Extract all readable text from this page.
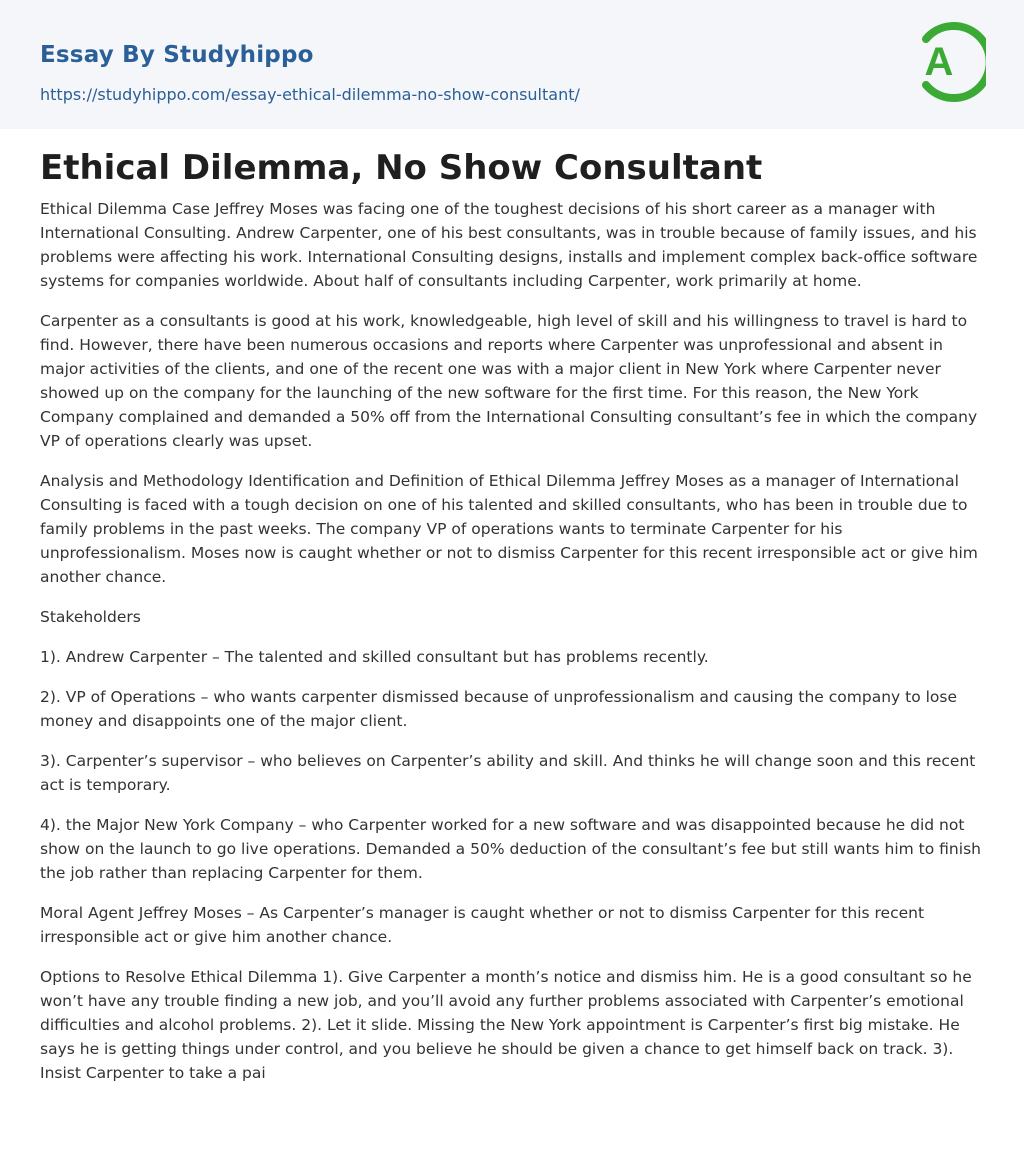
Essay By Studyhippo
https://studyhippo.com/essay-ethical-dilemma-no-show-consultant/
A
Ethical Dilemma, No Show Consultant

Ethical Dilemma Case Jeffrey Moses was facing one of the toughest decisions of his short career as a manager with International Consulting. Andrew Carpenter, one of his best consultants, was in trouble because of family issues, and his problems were affecting his work. International Consulting designs, installs and implement complex back-office software systems for companies worldwide. About half of consultants including Carpenter, work primarily at home.

Carpenter as a consultants is good at his work, knowledgeable, high level of skill and his willingness to travel is hard to find. However, there have been numerous occasions and reports where Carpenter was unprofessional and absent in major activities of the clients, and one of the recent one was with a major client in New York where Carpenter never showed up on the company for the launching of the new software for the first time. For this reason, the New York Company complained and demanded a 50% off from the International Consulting consultant’s fee in which the company VP of operations clearly was upset.

Analysis and Methodology Identification and Definition of Ethical Dilemma Jeffrey Moses as a manager of International Consulting is faced with a tough decision on one of his talented and skilled consultants, who has been in trouble due to family problems in the past weeks. The company VP of operations wants to terminate Carpenter for his unprofessionalism. Moses now is caught whether or not to dismiss Carpenter for this recent irresponsible act or give him another chance.

Stakeholders

1). Andrew Carpenter – The talented and skilled consultant but has problems recently.

2). VP of Operations – who wants carpenter dismissed because of unprofessionalism and causing the company to lose money and disappoints one of the major client.

3). Carpenter’s supervisor – who believes on Carpenter’s ability and skill. And thinks he will change soon and this recent act is temporary.

4). the Major New York Company – who Carpenter worked for a new software and was disappointed because he did not show on the launch to go live operations. Demanded a 50% deduction of the consultant’s fee but still wants him to finish the job rather than replacing Carpenter for them.

Moral Agent Jeffrey Moses – As Carpenter’s manager is caught whether or not to dismiss Carpenter for this recent irresponsible act or give him another chance.

Options to Resolve Ethical Dilemma 1). Give Carpenter a month’s notice and dismiss him. He is a good consultant so he won’t have any trouble finding a new job, and you’ll avoid any further problems associated with Carpenter’s emotional difficulties and alcohol problems. 2). Let it slide. Missing the New York appointment is Carpenter’s first big mistake. He says he is getting things under control, and you believe he should be given a chance to get himself back on track. 3). Insist Carpenter to take a pai
